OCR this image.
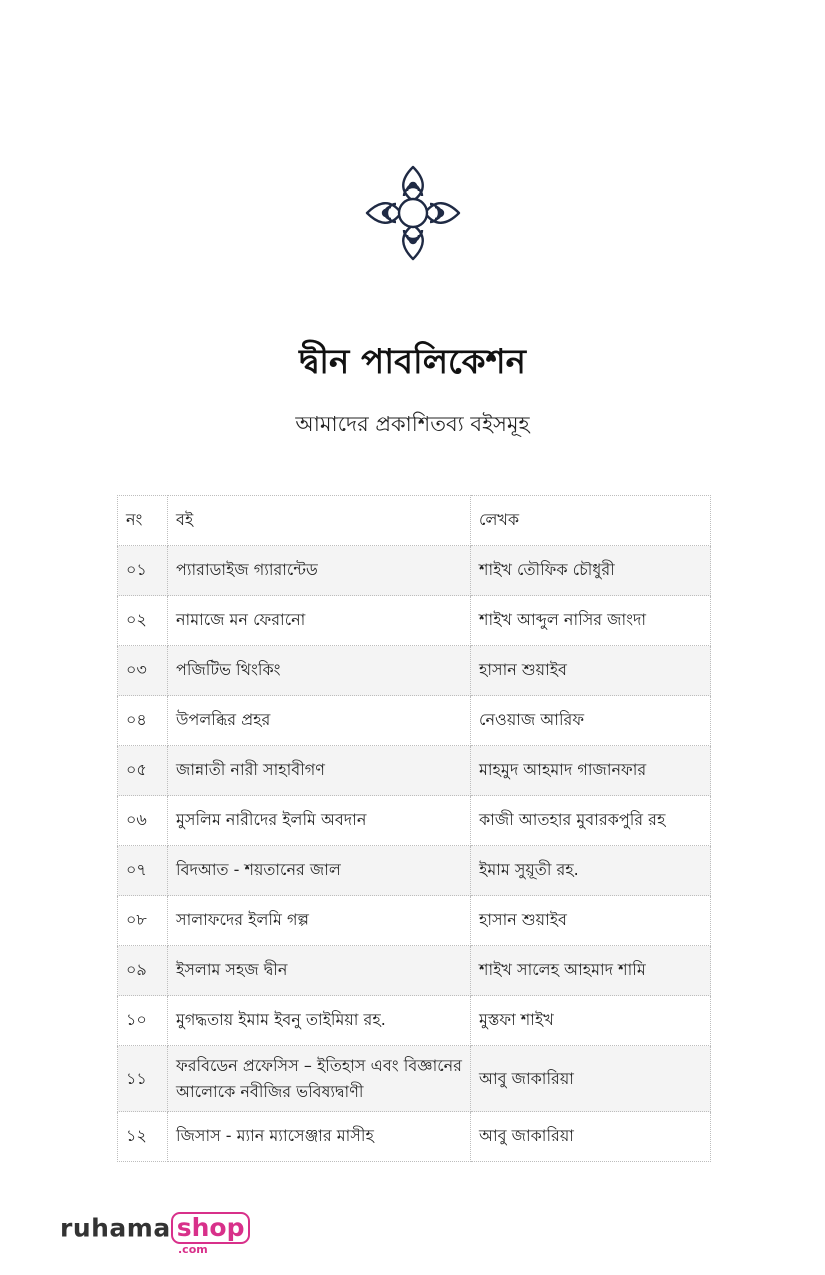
দ্বীন পাবলিকেশন
আমাদের প্রকাশিতব্য বইসমূহ
নং	বই	লেখক
০১	প্যারাডাইজ গ্যারান্টেড	শাইখ তৌফিক চৌধুরী
০২	নামাজে মন ফেরানো	শাইখ আব্দুল নাসির জাংদা
০৩	পজিটিভ থিংকিং	হাসান শুয়াইব
০৪	উপলব্ধির প্রহর	নেওয়াজ আরিফ
০৫	জান্নাতী নারী সাহাবীগণ	মাহমুদ আহমাদ গাজানফার
০৬	মুসলিম নারীদের ইলমি অবদান	কাজী আতহার মুবারকপুরি রহ
০৭	বিদআত - শয়তানের জাল	ইমাম সুয়ূতী রহ.
০৮	সালাফদের ইলমি গল্প	হাসান শুয়াইব
০৯	ইসলাম সহজ দ্বীন	শাইখ সালেহ আহমাদ শামি
১০	মুগদ্ধতায় ইমাম ইবনু তাইমিয়া রহ.	মুস্তফা শাইখ
১১	ফরবিডেন প্রফেসিস – ইতিহাস এবং বিজ্ঞানের আলোকে নবীজির ভবিষ্যদ্বাণী	আবু জাকারিয়া
১২	জিসাস - ম্যান ম্যাসেঞ্জার মাসীহ	আবু জাকারিয়া
ruhama shop
.com
